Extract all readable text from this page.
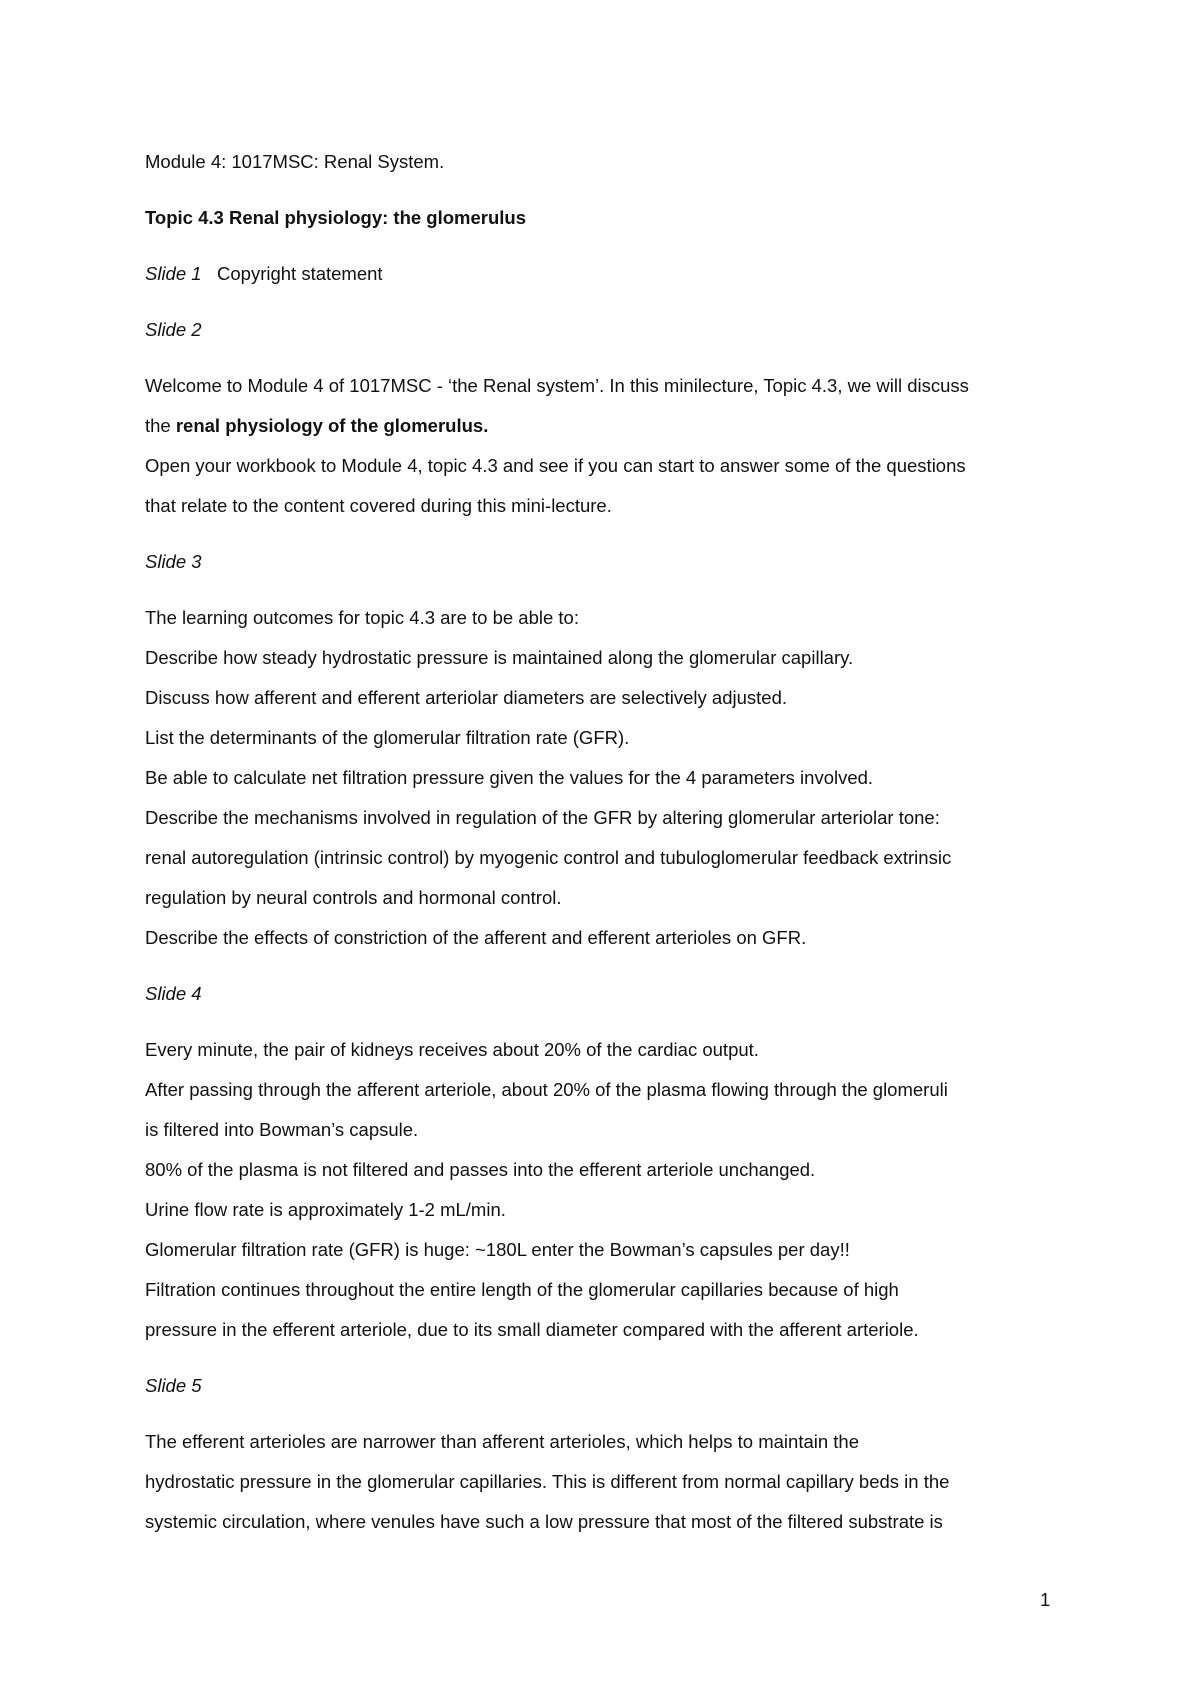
Module 4: 1017MSC: Renal System.
Topic 4.3 Renal physiology: the glomerulus
Slide 1 Copyright statement
Slide 2
Welcome to Module 4 of 1017MSC - ‘the Renal system’. In this minilecture, Topic 4.3, we will discuss
the renal physiology of the glomerulus.
Open your workbook to Module 4, topic 4.3 and see if you can start to answer some of the questions
that relate to the content covered during this mini-lecture.
Slide 3
The learning outcomes for topic 4.3 are to be able to:
Describe how steady hydrostatic pressure is maintained along the glomerular capillary.
Discuss how afferent and efferent arteriolar diameters are selectively adjusted.
List the determinants of the glomerular filtration rate (GFR).
Be able to calculate net filtration pressure given the values for the 4 parameters involved.
Describe the mechanisms involved in regulation of the GFR by altering glomerular arteriolar tone:
renal autoregulation (intrinsic control) by myogenic control and tubuloglomerular feedback extrinsic
regulation by neural controls and hormonal control.
Describe the effects of constriction of the afferent and efferent arterioles on GFR.
Slide 4
Every minute, the pair of kidneys receives about 20% of the cardiac output.
After passing through the afferent arteriole, about 20% of the plasma flowing through the glomeruli
is filtered into Bowman’s capsule.
80% of the plasma is not filtered and passes into the efferent arteriole unchanged.
Urine flow rate is approximately 1-2 mL/min.
Glomerular filtration rate (GFR) is huge: ~180L enter the Bowman’s capsules per day!!
Filtration continues throughout the entire length of the glomerular capillaries because of high
pressure in the efferent arteriole, due to its small diameter compared with the afferent arteriole.
Slide 5
The efferent arterioles are narrower than afferent arterioles, which helps to maintain the
hydrostatic pressure in the glomerular capillaries. This is different from normal capillary beds in the
systemic circulation, where venules have such a low pressure that most of the filtered substrate is
1
